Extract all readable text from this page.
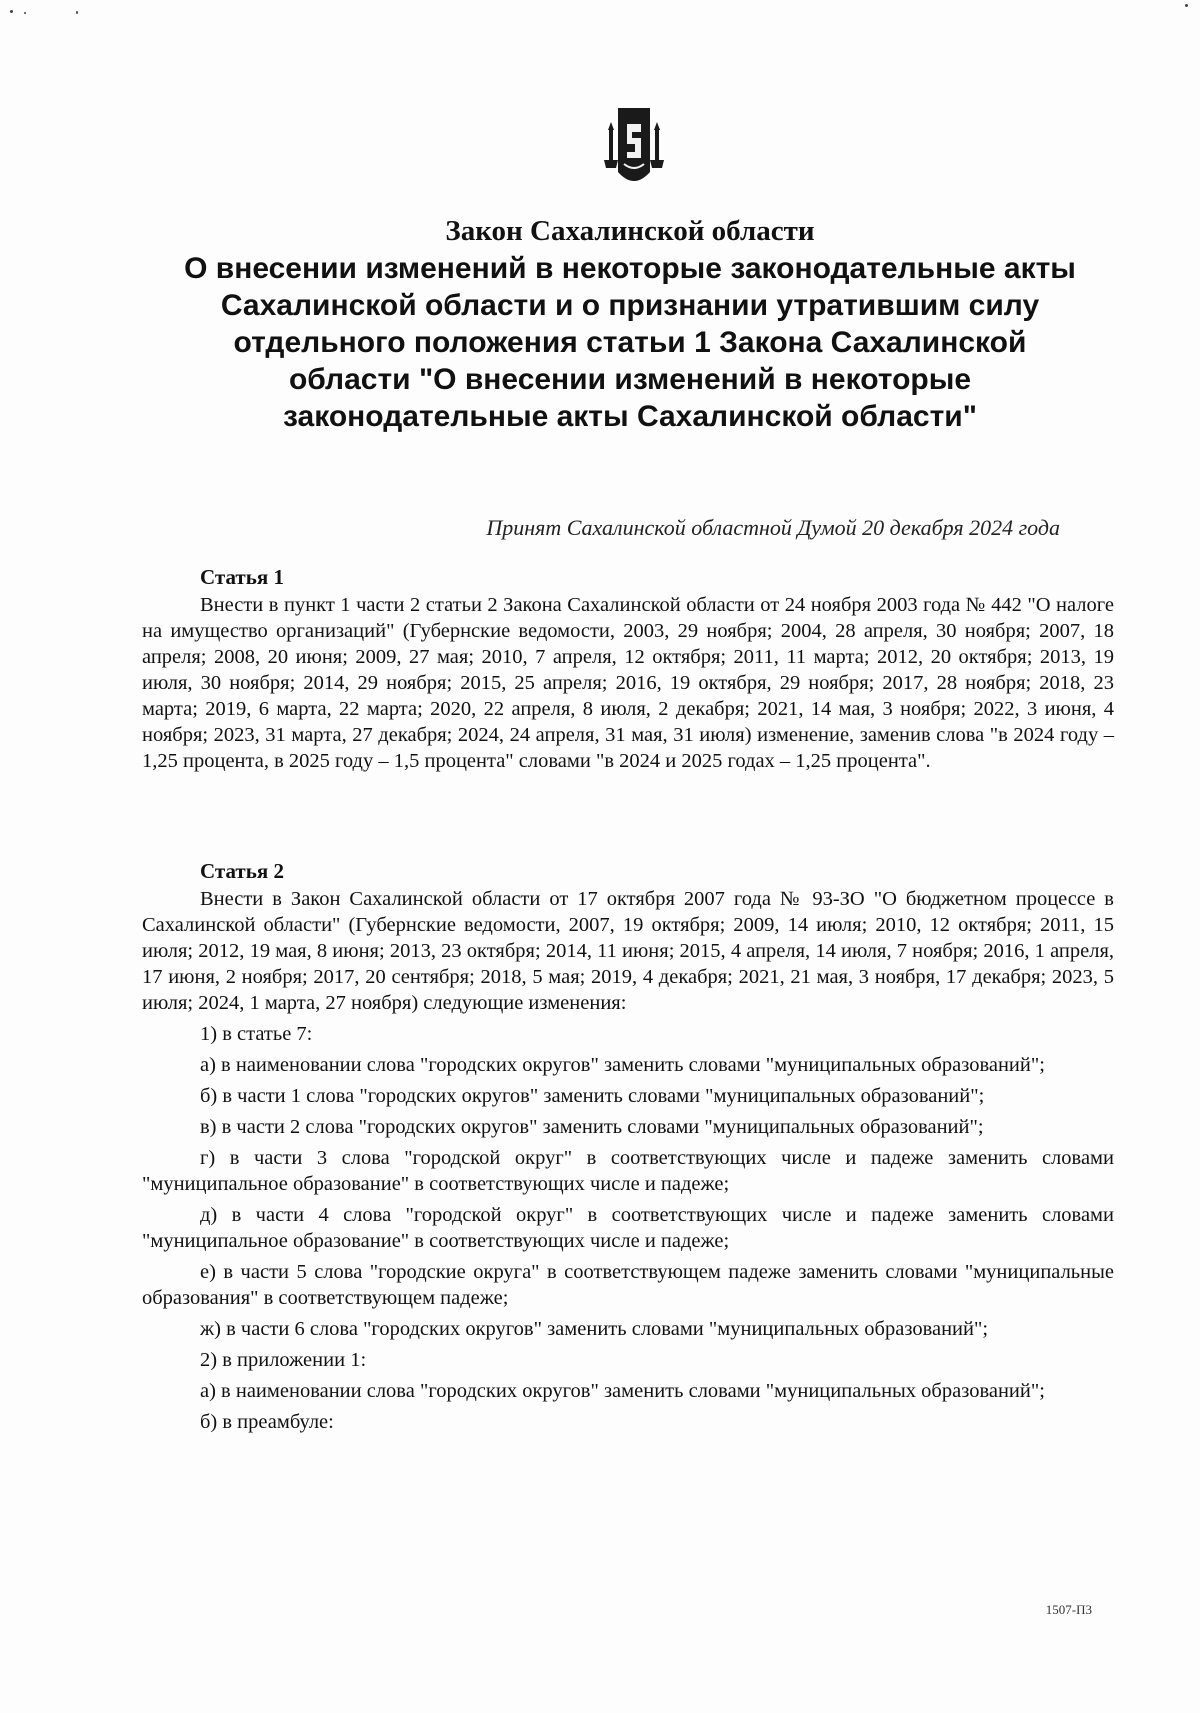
Закон Сахалинской области

О внесении изменений в некоторые законодательные акты Сахалинской области и о признании утратившим силу отдельного положения статьи 1 Закона Сахалинской области "О внесении изменений в некоторые законодательные акты Сахалинской области"

Принят Сахалинской областной Думой 20 декабря 2024 года
Статья 1

Внести в пункт 1 части 2 статьи 2 Закона Сахалинской области от 24 ноября 2003 года № 442 "О налоге на имущество организаций" (Губернские ведомости, 2003, 29 ноября; 2004, 28 апреля, 30 ноября; 2007, 18 апреля; 2008, 20 июня; 2009, 27 мая; 2010, 7 апреля, 12 октября; 2011, 11 марта; 2012, 20 октября; 2013, 19 июля, 30 ноября; 2014, 29 ноября; 2015, 25 апреля; 2016, 19 октября, 29 ноября; 2017, 28 ноября; 2018, 23 марта; 2019, 6 марта, 22 марта; 2020, 22 апреля, 8 июля, 2 декабря; 2021, 14 мая, 3 ноября; 2022, 3 июня, 4 ноября; 2023, 31 марта, 27 декабря; 2024, 24 апреля, 31 мая, 31 июля) изменение, заменив слова "в 2024 году – 1,25 процента, в 2025 году – 1,5 процента" словами "в 2024 и 2025 годах – 1,25 процента".

Статья 2

Внести в Закон Сахалинской области от 17 октября 2007 года № 93-ЗО "О бюджетном процессе в Сахалинской области" (Губернские ведомости, 2007, 19 октября; 2009, 14 июля; 2010, 12 октября; 2011, 15 июля; 2012, 19 мая, 8 июня; 2013, 23 октября; 2014, 11 июня; 2015, 4 апреля, 14 июля, 7 ноября; 2016, 1 апреля, 17 июня, 2 ноября; 2017, 20 сентября; 2018, 5 мая; 2019, 4 декабря; 2021, 21 мая, 3 ноября, 17 декабря; 2023, 5 июля; 2024, 1 марта, 27 ноября) следующие изменения:

1) в статье 7:

а) в наименовании слова "городских округов" заменить словами "муниципальных образований";

б) в части 1 слова "городских округов" заменить словами "муниципальных образований";

в) в части 2 слова "городских округов" заменить словами "муниципальных образований";

г) в части 3 слова "городской округ" в соответствующих числе и падеже заменить словами "муниципальное образование" в соответствующих числе и падеже;

д) в части 4 слова "городской округ" в соответствующих числе и падеже заменить словами "муниципальное образование" в соответствующих числе и падеже;

е) в части 5 слова "городские округа" в соответствующем падеже заменить словами "муниципальные образования" в соответствующем падеже;

ж) в части 6 слова "городских округов" заменить словами "муниципальных образований";

2) в приложении 1:

а) в наименовании слова "городских округов" заменить словами "муниципальных образований";

б) в преамбуле:

1507-П3
